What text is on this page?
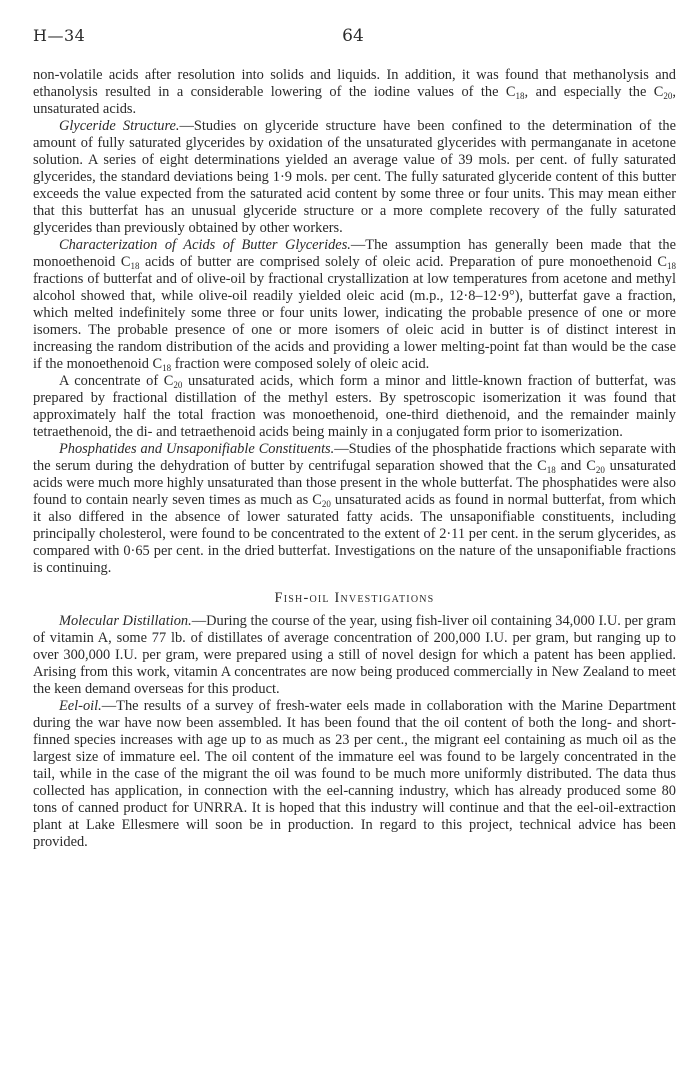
H—34	64

non-volatile acids after resolution into solids and liquids. In addition, it was found that methanolysis and ethanolysis resulted in a considerable lowering of the iodine values of the $C_{18}$, and especially the $C_{20}$, unsaturated acids.

Glyceride Structure.—Studies on glyceride structure have been confined to the determination of the amount of fully saturated glycerides by oxidation of the unsaturated glycerides with permanganate in acetone solution. A series of eight determinations yielded an average value of 39 mols. per cent. of fully saturated glycerides, the standard deviations being 1·9 mols. per cent. The fully saturated glyceride content of this butter exceeds the value expected from the saturated acid content by some three or four units. This may mean either that this butterfat has an unusual glyceride structure or a more complete recovery of the fully saturated glycerides than previously obtained by other workers.

Characterization of Acids of Butter Glycerides.—The assumption has generally been made that the monoethenoid $C_{18}$ acids of butter are comprised solely of oleic acid. Preparation of pure monoethenoid $C_{18}$ fractions of butterfat and of olive-oil by fractional crystallization at low temperatures from acetone and methyl alcohol showed that, while olive-oil readily yielded oleic acid (m.p., 12·8–12·9°), butterfat gave a fraction, which melted indefinitely some three or four units lower, indicating the probable presence of one or more isomers. The probable presence of one or more isomers of oleic acid in butter is of distinct interest in increasing the random distribution of the acids and providing a lower melting-point fat than would be the case if the monoethenoid $C_{18}$ fraction were composed solely of oleic acid.

A concentrate of $C_{20}$ unsaturated acids, which form a minor and little-known fraction of butterfat, was prepared by fractional distillation of the methyl esters. By spetroscopic isomerization it was found that approximately half the total fraction was monoethenoid, one-third diethenoid, and the remainder mainly tetraethenoid, the di- and tetraethenoid acids being mainly in a conjugated form prior to isomerization.

Phosphatides and Unsaponifiable Constituents.—Studies of the phosphatide fractions which separate with the serum during the dehydration of butter by centrifugal separation showed that the $C_{18}$ and $C_{20}$ unsaturated acids were much more highly unsaturated than those present in the whole butterfat. The phosphatides were also found to contain nearly seven times as much as $C_{20}$ unsaturated acids as found in normal butterfat, from which it also differed in the absence of lower saturated fatty acids. The unsaponifiable constituents, including principally cholesterol, were found to be concentrated to the extent of 2·11 per cent. in the serum glycerides, as compared with 0·65 per cent. in the dried butterfat. Investigations on the nature of the unsaponifiable fractions is continuing.

Fish-oil Investigations

Molecular Distillation.—During the course of the year, using fish-liver oil containing 34,000 I.U. per gram of vitamin A, some 77 lb. of distillates of average concentration of 200,000 I.U. per gram, but ranging up to over 300,000 I.U. per gram, were prepared using a still of novel design for which a patent has been applied. Arising from this work, vitamin A concentrates are now being produced commercially in New Zealand to meet the keen demand overseas for this product.

Eel-oil.—The results of a survey of fresh-water eels made in collaboration with the Marine Department during the war have now been assembled. It has been found that the oil content of both the long- and short-finned species increases with age up to as much as 23 per cent., the migrant eel containing as much oil as the largest size of immature eel. The oil content of the immature eel was found to be largely concentrated in the tail, while in the case of the migrant the oil was found to be much more uniformly distributed. The data thus collected has application, in connection with the eel-canning industry, which has already produced some 80 tons of canned product for UNRRA. It is hoped that this industry will continue and that the eel-oil-extraction plant at Lake Ellesmere will soon be in production. In regard to this project, technical advice has been provided.
